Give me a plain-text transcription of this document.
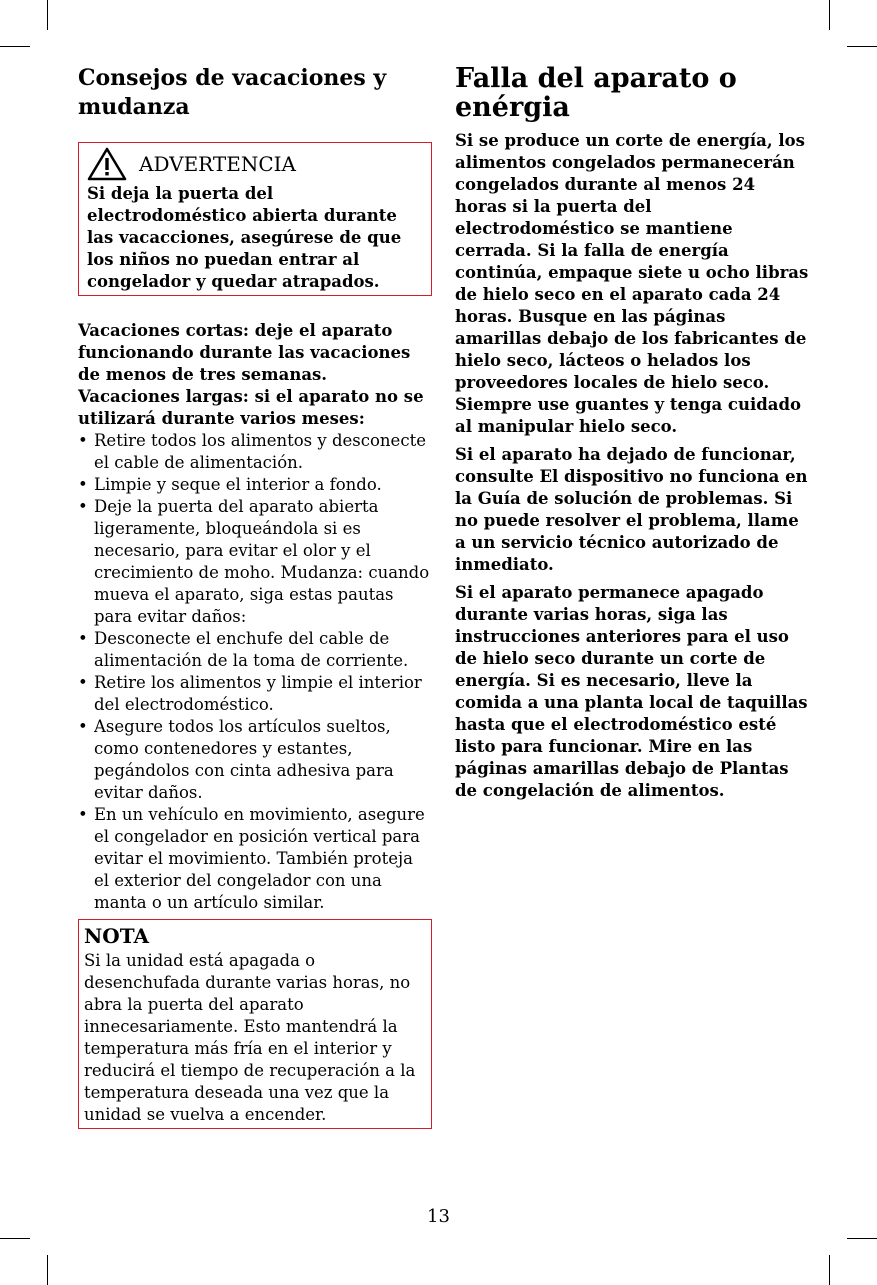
Consejos de vacaciones y mudanza
ADVERTENCIA

Si deja la puerta del electrodoméstico abierta durante las vacacciones, asegúrese de que los niños no puedan entrar al congelador y quedar atrapados.

Vacaciones cortas: deje el aparato funcionando durante las vacaciones de menos de tres semanas.

Vacaciones largas: si el aparato no se utilizará durante varios meses:

• Retire todos los alimentos y desconecte el cable de alimentación.
• Limpie y seque el interior a fondo.
• Deje la puerta del aparato abierta ligeramente, bloqueándola si es necesario, para evitar el olor y el crecimiento de moho. Mudanza: cuando mueva el aparato, siga estas pautas para evitar daños:
• Desconecte el enchufe del cable de alimentación de la toma de corriente.
• Retire los alimentos y limpie el interior del electrodoméstico.
• Asegure todos los artículos sueltos, como contenedores y estantes, pegándolos con cinta adhesiva para evitar daños.
• En un vehículo en movimiento, asegure el congelador en posición vertical para evitar el movimiento. También proteja el exterior del congelador con una manta o un artículo similar.
NOTA

Si la unidad está apagada o desenchufada durante varias horas, no abra la puerta del aparato innecesariamente. Esto mantendrá la temperatura más fría en el interior y reducirá el tiempo de recuperación a la temperatura deseada una vez que la unidad se vuelva a encender.

Falla del aparato o enérgia

Si se produce un corte de energía, los alimentos congelados permanecerán congelados durante al menos 24 horas si la puerta del electrodoméstico se mantiene cerrada. Si la falla de energía continúa, empaque siete u ocho libras de hielo seco en el aparato cada 24 horas. Busque en las páginas amarillas debajo de los fabricantes de hielo seco, lácteos o helados los proveedores locales de hielo seco. Siempre use guantes y tenga cuidado al manipular hielo seco.

Si el aparato ha dejado de funcionar, consulte El dispositivo no funciona en la Guía de solución de problemas. Si no puede resolver el problema, llame a un servicio técnico autorizado de inmediato.

Si el aparato permanece apagado durante varias horas, siga las instrucciones anteriores para el uso de hielo seco durante un corte de energía. Si es necesario, lleve la comida a una planta local de taquillas hasta que el electrodoméstico esté listo para funcionar. Mire en las páginas amarillas debajo de Plantas de congelación de alimentos.

13
